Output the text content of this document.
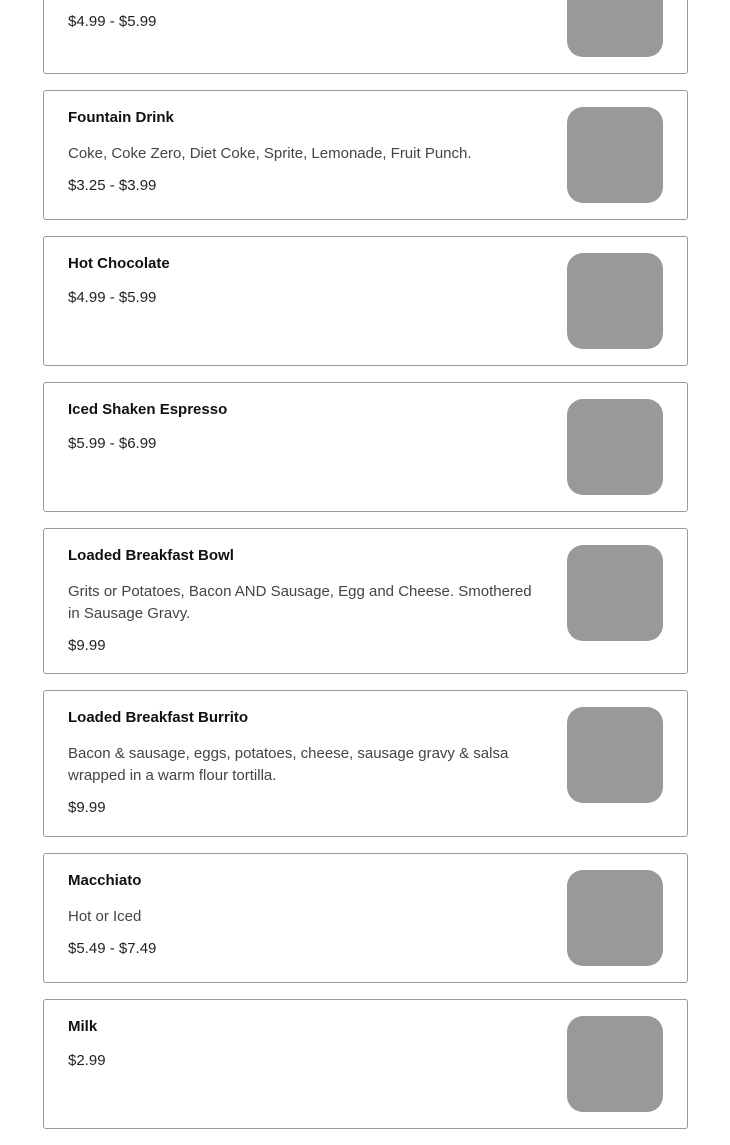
$4.99 - $5.99
Fountain Drink
Coke, Coke Zero, Diet Coke, Sprite, Lemonade, Fruit Punch.
$3.25 - $3.99
Hot Chocolate
$4.99 - $5.99
Iced Shaken Espresso
$5.99 - $6.99
Loaded Breakfast Bowl
Grits or Potatoes, Bacon AND Sausage, Egg and Cheese. Smothered in Sausage Gravy.
$9.99
Loaded Breakfast Burrito
Bacon & sausage, eggs, potatoes, cheese, sausage gravy & salsa wrapped in a warm flour tortilla.
$9.99
Macchiato
Hot or Iced
$5.49 - $7.49
Milk
$2.99
